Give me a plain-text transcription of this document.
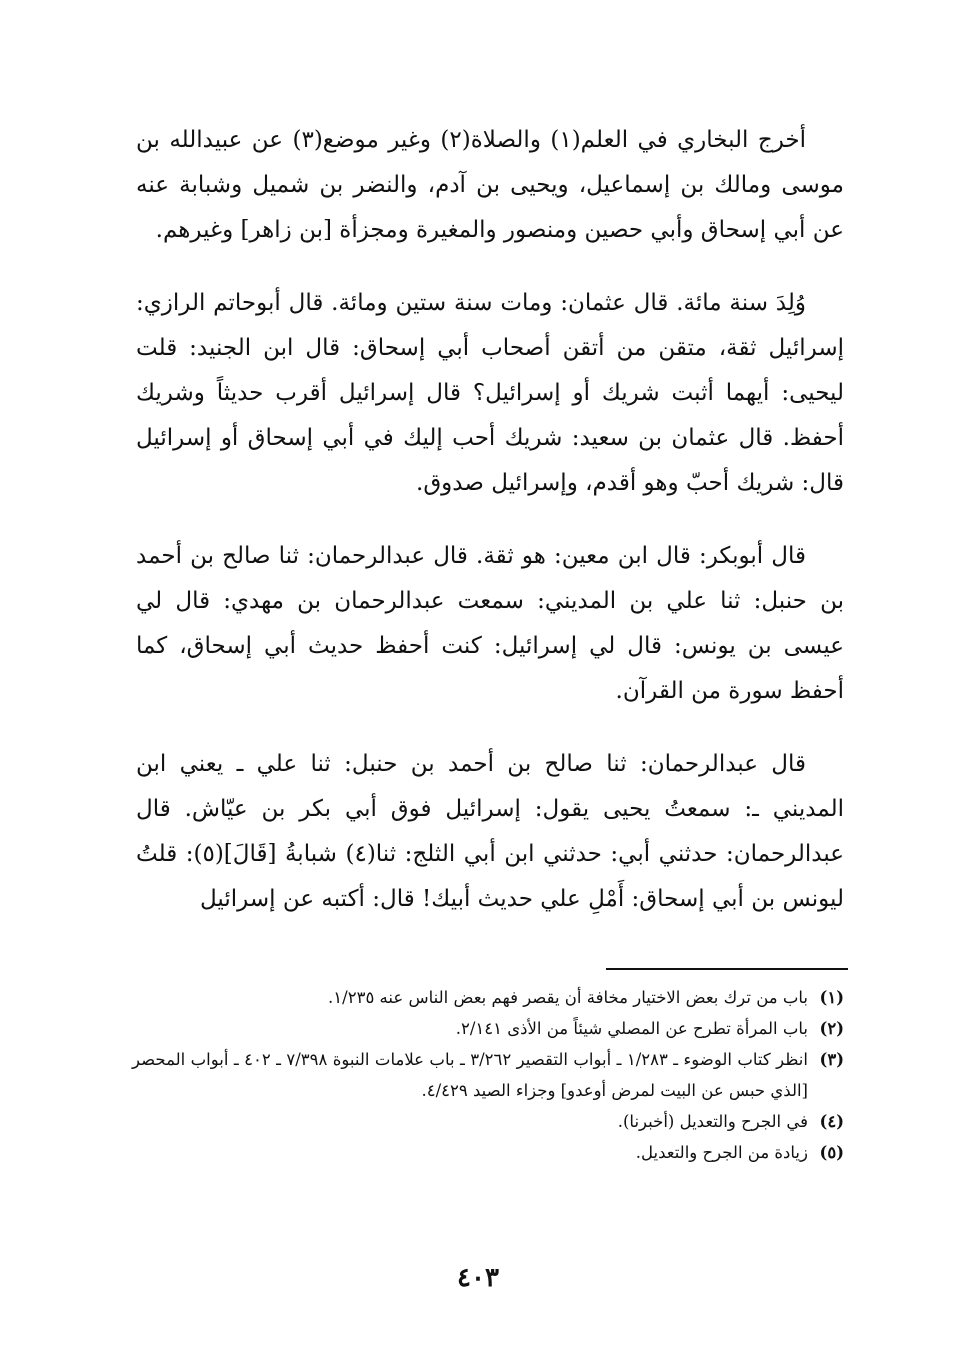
أخرج البخاري في العلم(١) والصلاة(٢) وغير موضع(٣) عن عبيدالله بن موسى ومالك بن إسماعيل، ويحيى بن آدم، والنضر بن شميل وشبابة عنه عن أبي إسحاق وأبي حصين ومنصور والمغيرة ومجزأة [بن زاهر] وغيرهم.

وُلِدَ سنة مائة. قال عثمان: ومات سنة ستين ومائة. قال أبوحاتم الرازي: إسرائيل ثقة، متقن من أتقن أصحاب أبي إسحاق: قال ابن الجنيد: قلت ليحيى: أيهما أثبت شريك أو إسرائيل؟ قال إسرائيل أقرب حديثاً وشريك أحفظ. قال عثمان بن سعيد: شريك أحب إليك في أبي إسحاق أو إسرائيل قال: شريك أحبّ وهو أقدم، وإسرائيل صدوق.

قال أبوبكر: قال ابن معين: هو ثقة. قال عبدالرحمان: ثنا صالح بن أحمد بن حنبل: ثنا علي بن المديني: سمعت عبدالرحمان بن مهدي: قال لي عيسى بن يونس: قال لي إسرائيل: كنت أحفظ حديث أبي إسحاق، كما أحفظ سورة من القرآن.

قال عبدالرحمان: ثنا صالح بن أحمد بن حنبل: ثنا علي ـ يعني ابن المديني ـ: سمعتُ يحيى يقول: إسرائيل فوق أبي بكر بن عيّاش. قال عبدالرحمان: حدثني أبي: حدثني ابن أبي الثلج: ثنا(٤) شبابةُ [قَالَ](٥): قلتُ ليونس بن أبي إسحاق: أَمْلِ علي حديث أبيك! قال: أكتبه عن إسرائيل

(١)
باب من ترك بعض الاختيار مخافة أن يقصر فهم بعض الناس عنه ١/٢٣٥.
(٢)
باب المرأة تطرح عن المصلي شيئاً من الأذى ٢/١٤١.
(٣)
انظر كتاب الوضوء ـ ١/٢٨٣ ـ أبواب التقصير ٣/٢٦٢ ـ باب علامات النبوة ٧/٣٩٨ ـ ٤٠٢ ـ أبواب المحصر [الذي حبس عن البيت لمرض أوعدو] وجزاء الصيد ٤/٤٢٩.
(٤)
في الجرح والتعديل (أخبرنا).
(٥)
زيادة من الجرح والتعديل.
٤٠٣
